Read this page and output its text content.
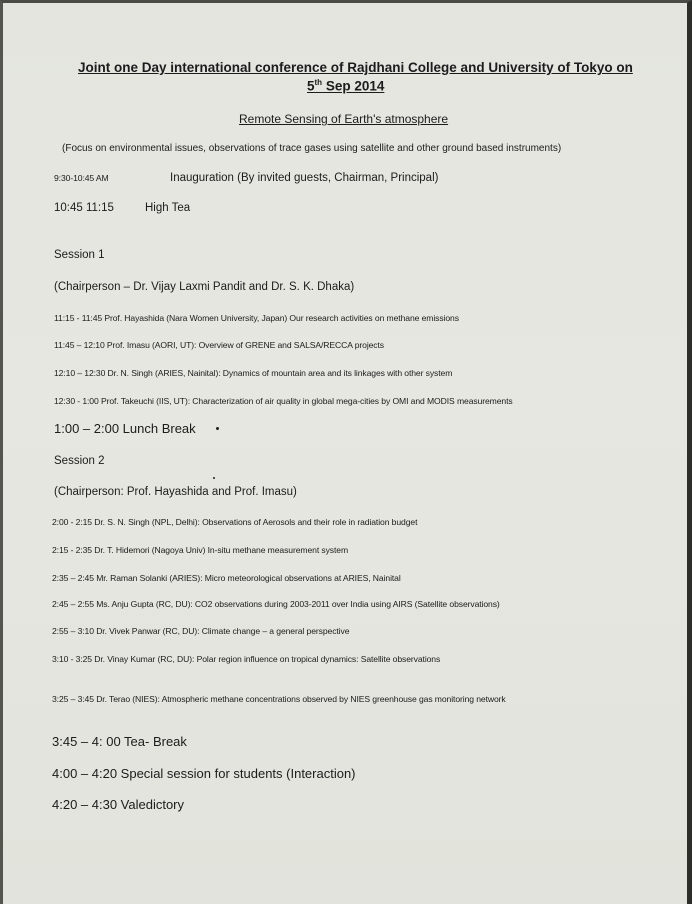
Joint one Day international conference of Rajdhani College and University of Tokyo on
5th Sep 2014
Remote Sensing of Earth's atmosphere
(Focus on environmental issues, observations of trace gases using satellite and other ground based instruments)
9:30-10:45 AM	Inauguration (By invited guests, Chairman, Principal)
10:45 11:15	High Tea
Session 1
(Chairperson – Dr. Vijay Laxmi Pandit and Dr. S. K. Dhaka)
11:15 - 11:45 Prof. Hayashida (Nara Women University, Japan) Our research activities on methane emissions
11:45 – 12:10 Prof. Imasu (AORI, UT): Overview of GRENE and SALSA/RECCA projects
12:10 – 12:30 Dr. N. Singh (ARIES, Nainital): Dynamics of mountain area and its linkages with other system
12:30 - 1:00 Prof. Takeuchi (IIS, UT): Characterization of air quality in global mega-cities by OMI and MODIS measurements
1:00 – 2:00 Lunch Break
Session 2
(Chairperson: Prof. Hayashida and Prof. Imasu)
2:00 - 2:15 Dr. S. N. Singh (NPL, Delhi): Observations of Aerosols and their role in radiation budget
2:15 - 2:35 Dr. T. Hidemori (Nagoya Univ) In-situ methane measurement system
2:35 – 2:45 Mr. Raman Solanki (ARIES): Micro meteorological observations at ARIES, Nainital
2:45 – 2:55 Ms. Anju Gupta (RC, DU): CO2 observations during 2003-2011 over India using AIRS (Satellite observations)
2:55 – 3:10 Dr. Vivek Panwar (RC, DU): Climate change – a general perspective
3:10 - 3:25 Dr. Vinay Kumar (RC, DU): Polar region influence on tropical dynamics: Satellite observations
3:25 – 3:45 Dr. Terao (NIES): Atmospheric methane concentrations observed by NIES greenhouse gas monitoring network
3:45 – 4: 00 Tea- Break
4:00 – 4:20 Special session for students (Interaction)
4:20 – 4:30 Valedictory
